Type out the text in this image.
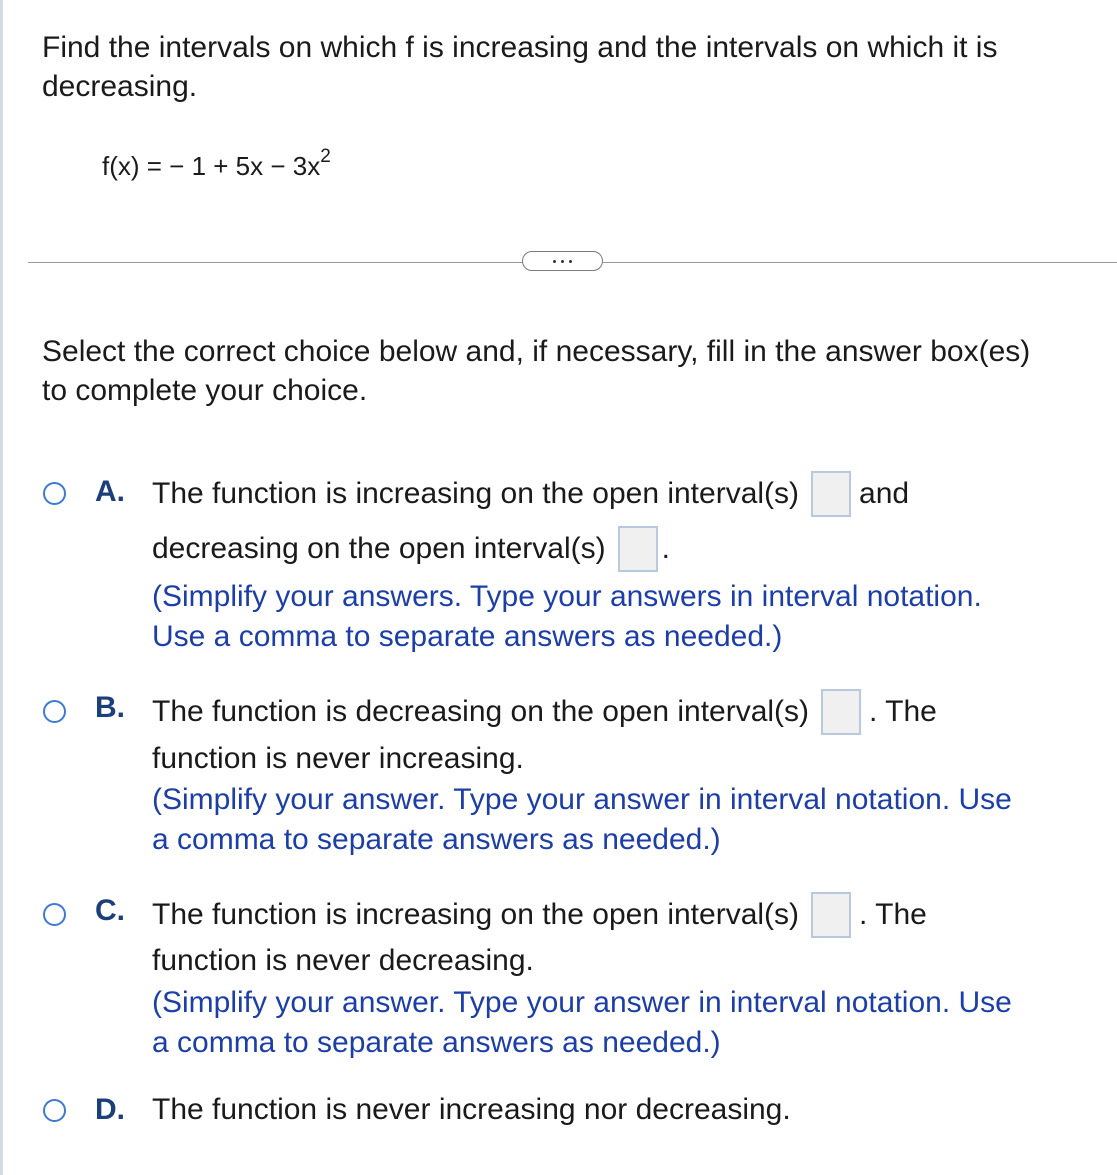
Find the intervals on which f is increasing and the intervals on which it is
decreasing.
f(x) = − $1 + 5x - 3x^2$
Select the correct choice below and, if necessary, fill in the answer box(es)
to complete your choice.
A. The function is increasing on the open interval(s) and
decreasing on the open interval(s) .
(Simplify your answers. Type your answers in interval notation.
Use a comma to separate answers as needed.)
B. The function is decreasing on the open interval(s) . The
function is never increasing.
(Simplify your answer. Type your answer in interval notation. Use
a comma to separate answers as needed.)
C. The function is increasing on the open interval(s) . The
function is never decreasing.
(Simplify your answer. Type your answer in interval notation. Use
a comma to separate answers as needed.)
D. The function is never increasing nor decreasing.
